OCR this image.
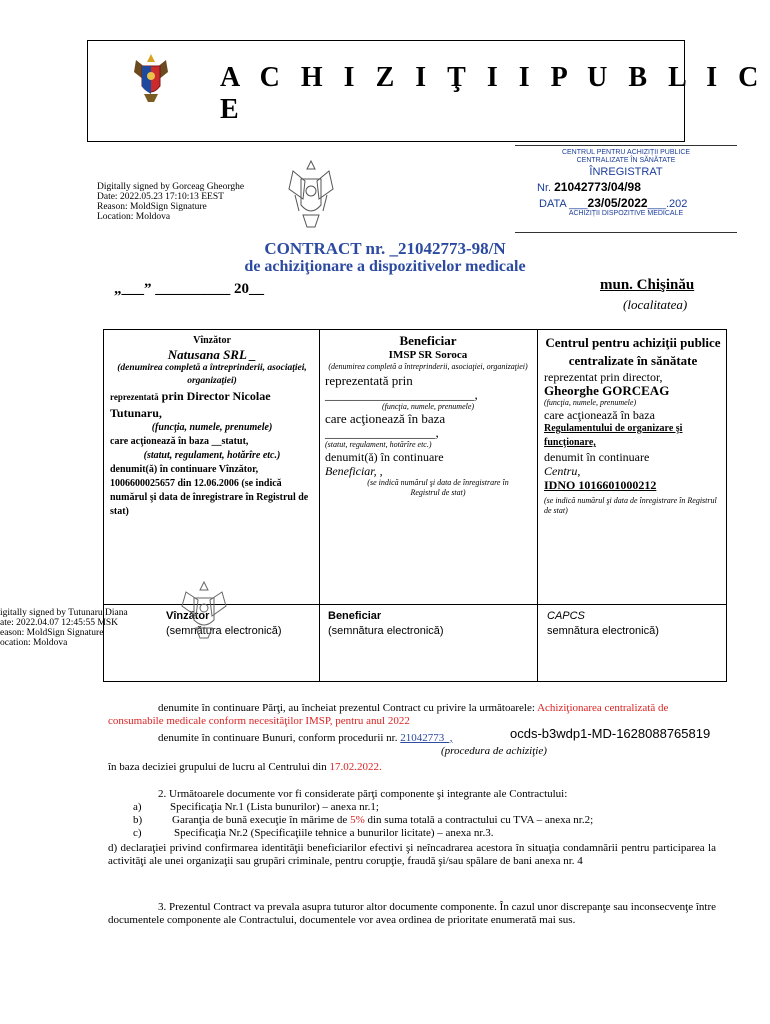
A C H I Z I Ţ I I P U B L I C E
Digitally signed by Gorceag Gheorghe
Date: 2022.05.23 17:10:13 EEST
Reason: MoldSign Signature
Location: Moldova
CENTRUL PENTRU ACHIZIȚII PUBLICE
CENTRALIZATE ÎN SĂNĂTATE
ÎNREGISTRAT
Nr. 21042773/04/98
DATA ___23/05/2022___.202
ACHIZIȚII DISPOZITIVE MEDICALE
CONTRACT nr. _21042773-98/N
de achiziţionare a dispozitivelor medicale
„___” __________ 20__	mun. Chişinău
(localitatea)
Vînzător
Natusana SRL _
(denumirea completă a întreprinderii, asociaţiei, organizaţiei)
reprezentată prin Director Nicolae Tutunaru,
(funcţia, numele, prenumele)
care acţionează în baza __statut,
(statut, regulament, hotărîre etc.)
denumit(ă) în continuare Vînzător, 1006600025657 din 12.06.2006 (se indică numărul şi data de înregistrare în Registrul de stat)
Beneficiar
IMSP SR Soroca
(denumirea completă a întreprinderii, asociaţiei, organizaţiei)
reprezentată prin
_______________________,
(funcţia, numele, prenumele)
care acţionează în baza
_________________,
(statut, regulament, hotărîre etc.)
denumit(ă) în continuare
Beneficiar, ,
(se indică numărul şi data de înregistrare în Registrul de stat)
Centrul pentru achiziţii publice centralizate în sănătate
reprezentat prin director,
Gheorghe GORCEAG
(funcţia, numele, prenumele)
care acţionează în baza
Regulamentului de organizare şi funcţionare,
denumit în continuare
Centru,
IDNO 1016601000212
(se indică numărul şi data de înregistrare în Registrul de stat)
Vînzător
(semnătura electronică)
Beneficiar
(semnătura electronică)
CAPCS
semnătura electronică)
igitally signed by Tutunaru Diana
ate: 2022.04.07 12:45:55 MSK
eason: MoldSign Signature
ocation: Moldova
denumite în continuare Părţi, au încheiat prezentul Contract cu privire la următoarele: Achiziţionarea centralizată de consumabile medicale conform necesităţilor IMSP, pentru anul 2022
denumite în continuare Bunuri, conform procedurii nr. 21042773_,	ocds-b3wdp1-MD-1628088765819
(procedura de achiziţie)
în baza deciziei grupului de lucru al Centrului din 17.02.2022.
2. Următoarele documente vor fi considerate părţi componente şi integrante ale Contractului:
a)	Specificaţia Nr.1 (Lista bunurilor) – anexa nr.1;
b)	Garanţia de bună execuţie în mărime de 5% din suma totală a contractului cu TVA – anexa nr.2;
c)	Specificaţia Nr.2 (Specificaţiile tehnice a bunurilor licitate) – anexa nr.3.
d) declaraţiei privind confirmarea identităţii beneficiarilor efectivi şi neîncadrarea acestora în situaţia condamnării pentru participarea la activităţi ale unei organizaţii sau grupări criminale, pentru corupţie, fraudă şi/sau spălare de bani anexa nr. 4
3. Prezentul Contract va prevala asupra tuturor altor documente componente. În cazul unor discrepanţe sau inconsecvenţe între documentele componente ale Contractului, documentele vor avea ordinea de prioritate enumerată mai sus.
